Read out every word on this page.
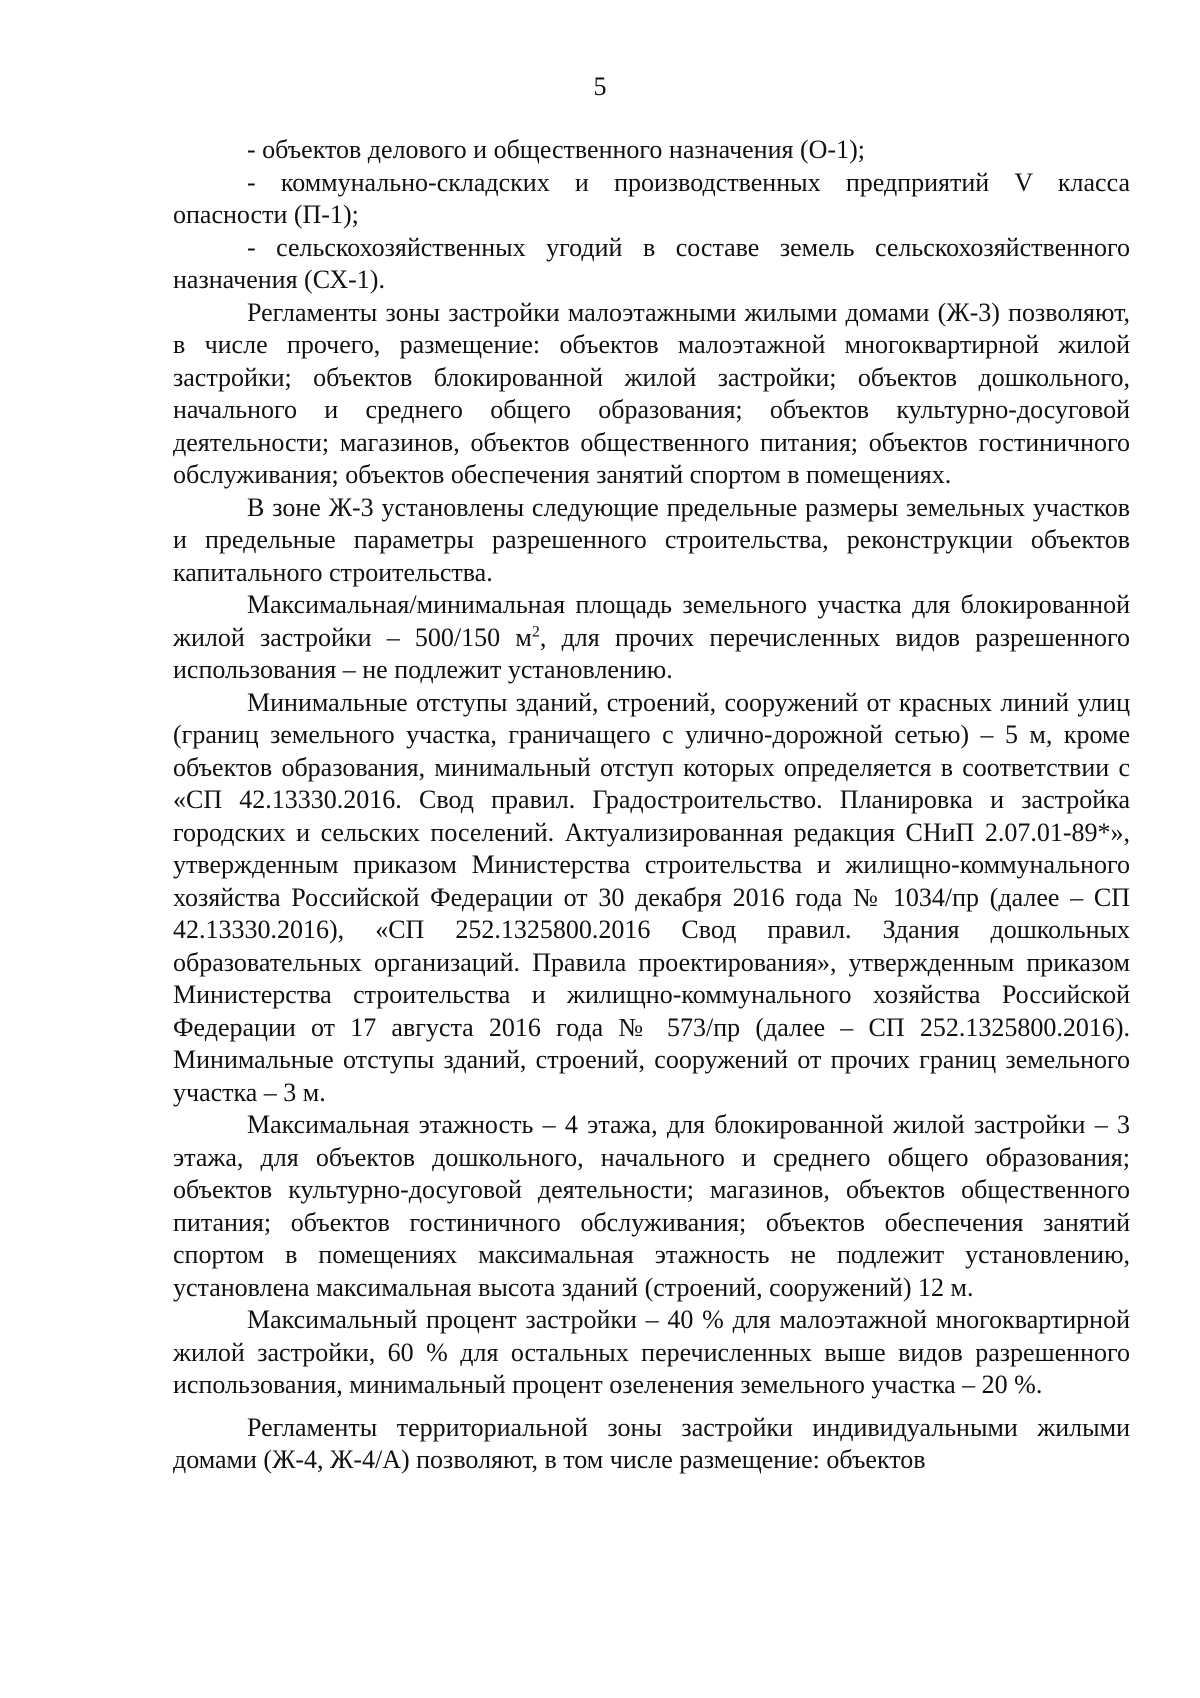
5

- объектов делового и общественного назначения (О-1);

- коммунально-складских и производственных предприятий V класса опасности (П-1);

- сельскохозяйственных угодий в составе земель сельскохозяйственного назначения (СХ-1).

Регламенты зоны застройки малоэтажными жилыми домами (Ж-3) позволяют, в числе прочего, размещение: объектов малоэтажной многоквартирной жилой застройки; объектов блокированной жилой застройки; объектов дошкольного, начального и среднего общего образования; объектов культурно-досуговой деятельности; магазинов, объектов общественного питания; объектов гостиничного обслуживания; объектов обеспечения занятий спортом в помещениях.

В зоне Ж-3 установлены следующие предельные размеры земельных участков и предельные параметры разрешенного строительства, реконструкции объектов капитального строительства.

Максимальная/минимальная площадь земельного участка для блокированной жилой застройки – 500/150 $м^2$, для прочих перечисленных видов разрешенного использования – не подлежит установлению.

Минимальные отступы зданий, строений, сооружений от красных линий улиц (границ земельного участка, граничащего с улично-дорожной сетью) – 5 м, кроме объектов образования, минимальный отступ которых определяется в соответствии с «СП 42.13330.2016. Свод правил. Градостроительство. Планировка и застройка городских и сельских поселений. Актуализированная редакция СНиП 2.07.01-89*», утвержденным приказом Министерства строительства и жилищно-коммунального хозяйства Российской Федерации от 30 декабря 2016 года № 1034/пр (далее – СП 42.13330.2016), «СП 252.1325800.2016 Свод правил. Здания дошкольных образовательных организаций. Правила проектирования», утвержденным приказом Министерства строительства и жилищно-коммунального хозяйства Российской Федерации от 17 августа 2016 года № 573/пр (далее – СП 252.1325800.2016). Минимальные отступы зданий, строений, сооружений от прочих границ земельного участка – 3 м.

Максимальная этажность – 4 этажа, для блокированной жилой застройки – 3 этажа, для объектов дошкольного, начального и среднего общего образования; объектов культурно-досуговой деятельности; магазинов, объектов общественного питания; объектов гостиничного обслуживания; объектов обеспечения занятий спортом в помещениях максимальная этажность не подлежит установлению, установлена максимальная высота зданий (строений, сооружений) 12 м.

Максимальный процент застройки – 40 % для малоэтажной многоквартирной жилой застройки, 60 % для остальных перечисленных выше видов разрешенного использования, минимальный процент озеленения земельного участка – 20 %.

Регламенты территориальной зоны застройки индивидуальными жилыми домами (Ж-4, Ж-4/А) позволяют, в том числе размещение: объектов
